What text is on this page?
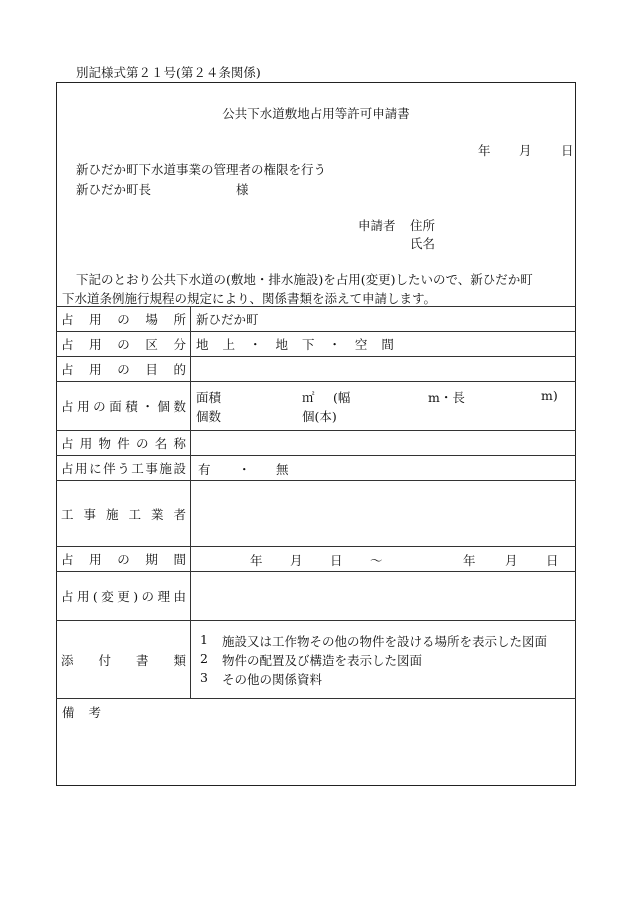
別記様式第２１号(第２４条関係)
公共下水道敷地占用等許可申請書
年 月 日
新ひだか町下水道事業の管理者の権限を行う
新ひだか町長	様
申請者 住所
氏名
下記のとおり公共下水道の(敷地・排水施設)を占用(変更)したいので、新ひだか町
下水道条例施行規程の規定により、関係書類を添えて申請します。
占用の場所 新ひだか町
占用の区分 地 上 ・ 地 下 ・ 空 間
占用の目的
占用の面積・個数
面積	㎡ (幅	m・長	m)
個数	個(本)
占用物件の名称
占用に伴う工事施設 有 ・ 無
工事施工業者
占用の期間	年 月 日 ～	年 月 日
占用(変更)の理由
添付書類
1 施設又は工作物その他の物件を設ける場所を表示した図面
2 物件の配置及び構造を表示した図面
3 その他の関係資料
備考
